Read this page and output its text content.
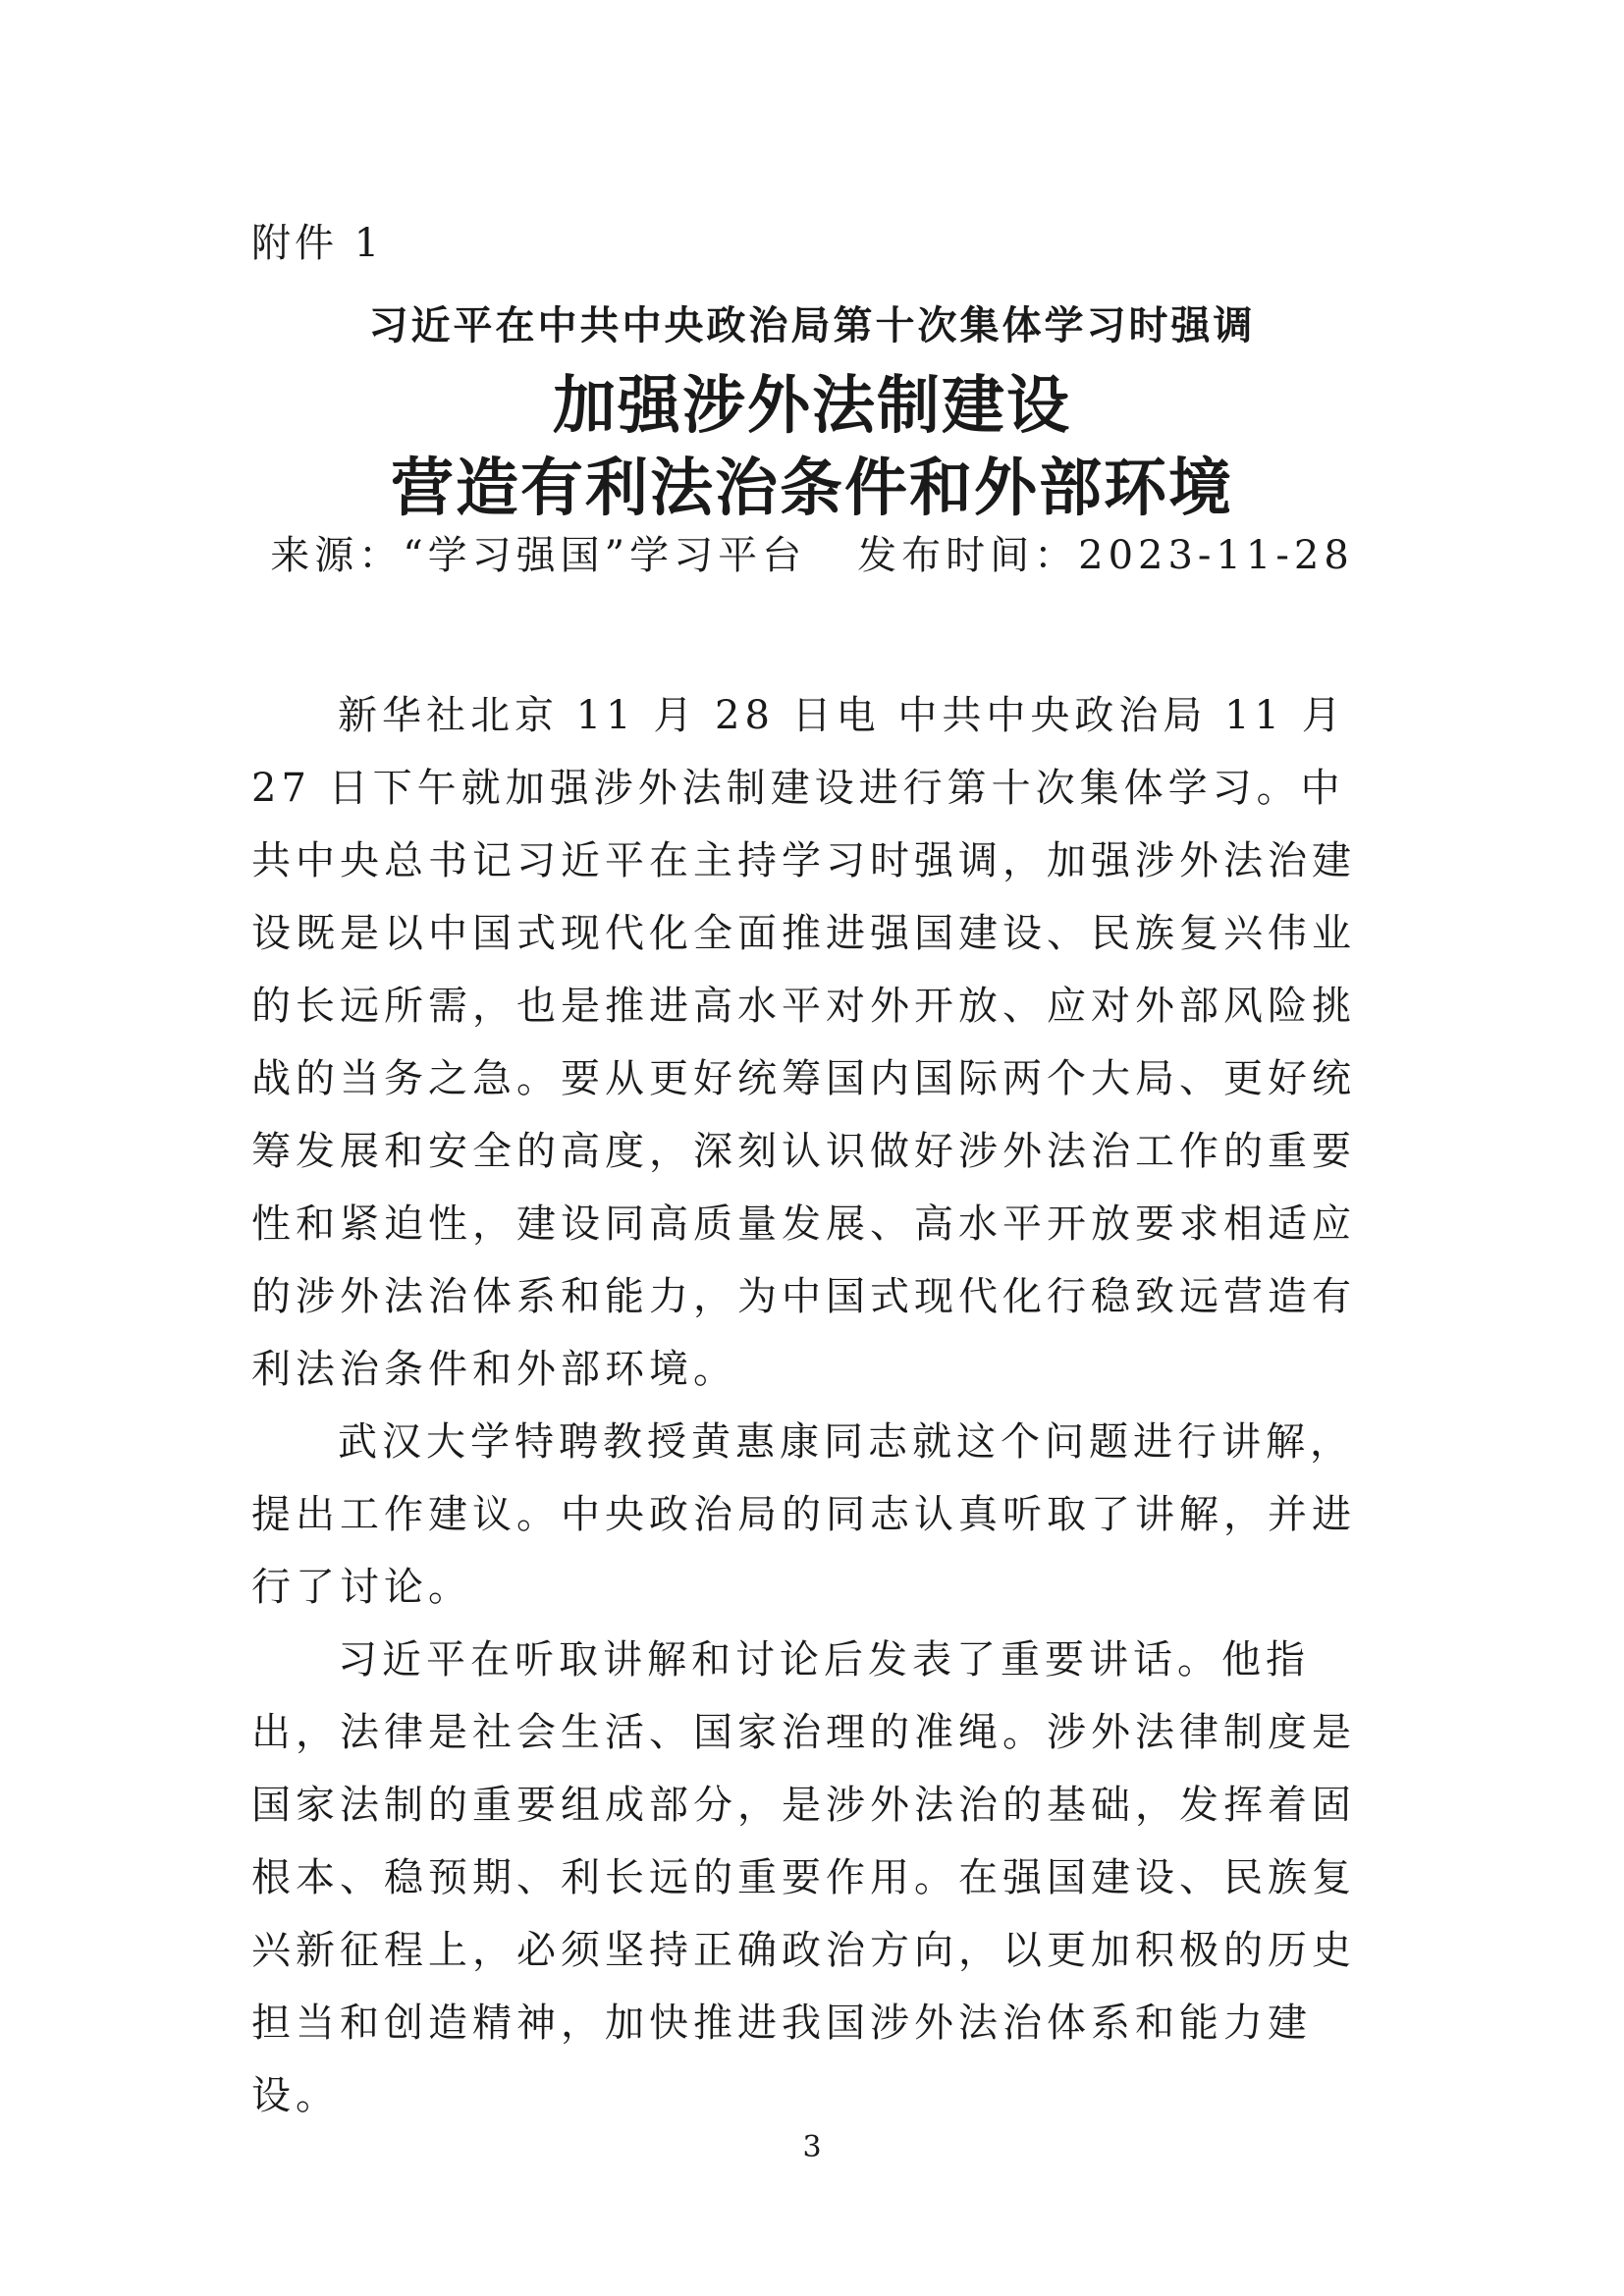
附件 1
习近平在中共中央政治局第十次集体学习时强调
加强涉外法制建设
营造有利法治条件和外部环境
来源：“学习强国”学习平台 发布时间：2023-11-28

新华社北京 11 月 28 日电 中共中央政治局 11 月 27 日下午就加强涉外法制建设进行第十次集体学习。中共中央总书记习近平在主持学习时强调，加强涉外法治建设既是以中国式现代化全面推进强国建设、民族复兴伟业的长远所需，也是推进高水平对外开放、应对外部风险挑战的当务之急。要从更好统筹国内国际两个大局、更好统筹发展和安全的高度，深刻认识做好涉外法治工作的重要性和紧迫性，建设同高质量发展、高水平开放要求相适应的涉外法治体系和能力，为中国式现代化行稳致远营造有利法治条件和外部环境。

武汉大学特聘教授黄惠康同志就这个问题进行讲解，提出工作建议。中央政治局的同志认真听取了讲解，并进行了讨论。

习近平在听取讲解和讨论后发表了重要讲话。他指出，法律是社会生活、国家治理的准绳。涉外法律制度是国家法制的重要组成部分，是涉外法治的基础，发挥着固根本、稳预期、利长远的重要作用。在强国建设、民族复兴新征程上，必须坚持正确政治方向，以更加积极的历史担当和创造精神，加快推进我国涉外法治体系和能力建设。

3
